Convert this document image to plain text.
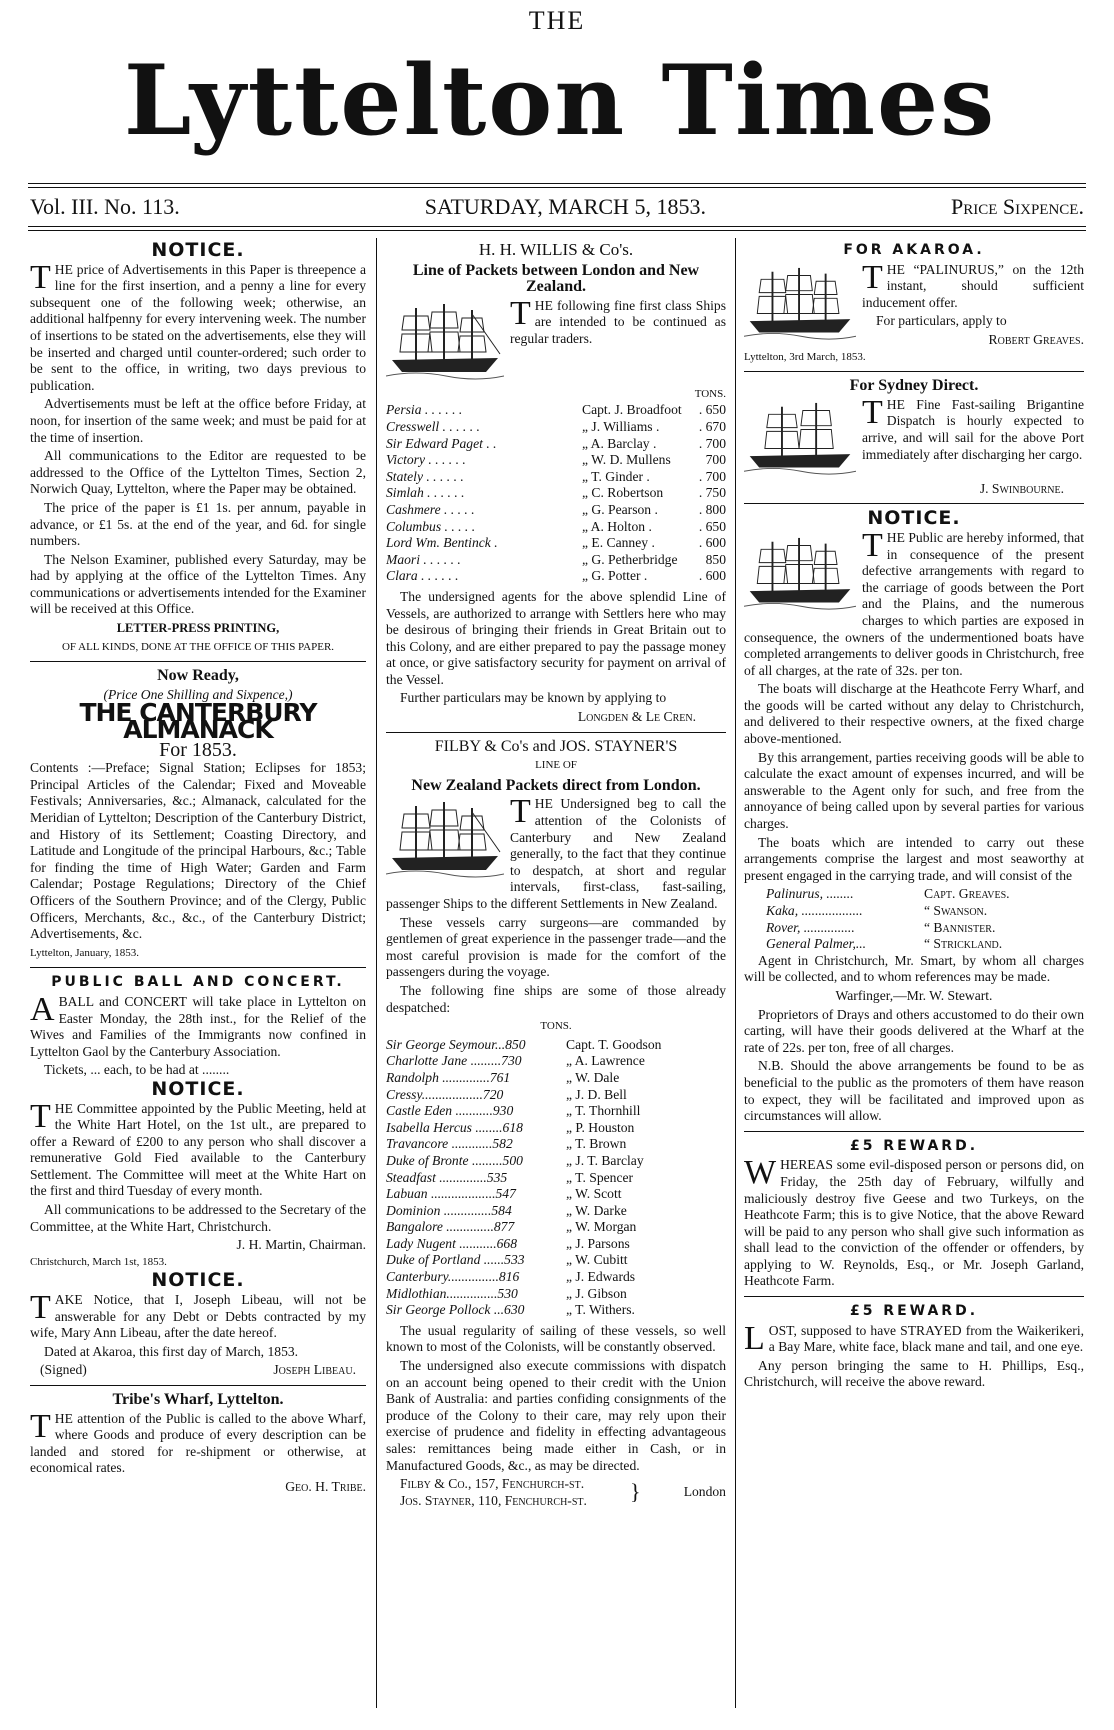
THE
Lyttelton Times
Vol. III. No. 113.	SATURDAY, MARCH 5, 1853.	Price Sixpence.
NOTICE.

THE price of Advertisements in this Paper is threepence a line for the first insertion, and a penny a line for every subsequent one of the following week; otherwise, an additional halfpenny for every intervening week. The number of insertions to be stated on the advertisements, else they will be inserted and charged until counter-ordered; such order to be sent to the office, in writing, two days previous to publication.

Advertisements must be left at the office before Friday, at noon, for insertion of the same week; and must be paid for at the time of insertion.

All communications to the Editor are requested to be addressed to the Office of the Lyttelton Times, Section 2, Norwich Quay, Lyttelton, where the Paper may be obtained.

The price of the paper is £1 1s. per annum, payable in advance, or £1 5s. at the end of the year, and 6d. for single numbers.

The Nelson Examiner, published every Saturday, may be had by applying at the office of the Lyttelton Times. Any communications or advertisements intended for the Examiner will be received at this Office.

LETTER-PRESS PRINTING,
OF ALL KINDS, DONE AT THE OFFICE OF THIS PAPER.
Now Ready,
(Price One Shilling and Sixpence,)
THE CANTERBURY ALMANACK
For 1853.

Contents :—Preface; Signal Station; Eclipses for 1853; Principal Articles of the Calendar; Fixed and Moveable Festivals; Anniversaries, &c.; Almanack, calculated for the Meridian of Lyttelton; Description of the Canterbury District, and History of its Settlement; Coasting Directory, and Latitude and Longitude of the principal Harbours, &c.; Table for finding the time of High Water; Garden and Farm Calendar; Postage Regulations; Directory of the Chief Officers of the Southern Province; and of the Clergy, Public Officers, Merchants, &c., &c., of the Canterbury District; Advertisements, &c.

Lyttelton, January, 1853.
PUBLIC BALL AND CONCERT.

ABALL and CONCERT will take place in Lyttelton on Easter Monday, the 28th inst., for the Relief of the Wives and Families of the Immigrants now confined in Lyttelton Gaol by the Canterbury Association.

Tickets, ... each, to be had at ........

NOTICE.

THE Committee appointed by the Public Meeting, held at the White Hart Hotel, on the 1st ult., are prepared to offer a Reward of £200 to any person who shall discover a remunerative Gold Fied available to the Canterbury Settlement. The Committee will meet at the White Hart on the first and third Tuesday of every month.

All communications to be addressed to the Secretary of the Committee, at the White Hart, Christchurch.

J. H. Martin, Chairman.
Christchurch, March 1st, 1853.
NOTICE.

TAKE Notice, that I, Joseph Libeau, will not be answerable for any Debt or Debts contracted by my wife, Mary Ann Libeau, after the date hereof.

Dated at Akaroa, this first day of March, 1853.

(Signed)	Joseph Libeau.
Tribe's Wharf, Lyttelton.

THE attention of the Public is called to the above Wharf, where Goods and produce of every description can be landed and stored for re-shipment or otherwise, at economical rates.

Geo. H. Tribe.
H. H. WILLIS & Co's.
Line of Packets between London and New Zealand.

THE following fine first class Ships are intended to be continued as regular traders.

TONS.
Persia . . . . . .	Capt. J. Broadfoot	. 650
Cresswell . . . . . .	„ J. Williams .	. 670
Sir Edward Paget . .	„ A. Barclay .	. 700
Victory . . . . . .	„ W. D. Mullens	700
Stately . . . . . .	„ T. Ginder .	. 700
Simlah . . . . . .	„ C. Robertson	. 750
Cashmere . . . . .	„ G. Pearson .	. 800
Columbus . . . . .	„ A. Holton .	. 650
Lord Wm. Bentinck .	„ E. Canney .	. 600
Maori . . . . . .	„ G. Petherbridge	850
Clara . . . . . .	„ G. Potter .	. 600

The undersigned agents for the above splendid Line of Vessels, are authorized to arrange with Settlers here who may be desirous of bringing their friends in Great Britain out to this Colony, and are either prepared to pay the passage money at once, or give satisfactory security for payment on arrival of the Vessel.

Further particulars may be known by applying to

Longden & Le Cren.
FILBY & Co's and JOS. STAYNER'S
LINE OF
New Zealand Packets direct from London.

THE Undersigned beg to call the attention of the Colonists of Canterbury and New Zealand generally, to the fact that they continue to despatch, at short and regular intervals, first-class, fast-sailing, passenger Ships to the different Settlements in New Zealand.

These vessels carry surgeons—are commanded by gentlemen of great experience in the passenger trade—and the most careful provision is made for the comfort of the passengers during the voyage.

The following fine ships are some of those already despatched:

TONS.
Sir George Seymour...850	Capt. T. Goodson
Charlotte Jane .........730	„ A. Lawrence
Randolph ..............761	„ W. Dale
Cressy..................720	„ J. D. Bell
Castle Eden ...........930	„ T. Thornhill
Isabella Hercus ........618	„ P. Houston
Travancore ............582	„ T. Brown
Duke of Bronte .........500	„ J. T. Barclay
Steadfast ..............535	„ T. Spencer
Labuan ...................547	„ W. Scott
Dominion ..............584	„ W. Darke
Bangalore ..............877	„ W. Morgan
Lady Nugent ...........668	„ J. Parsons
Duke of Portland ......533	„ W. Cubitt
Canterbury...............816	„ J. Edwards
Midlothian...............530	„ J. Gibson
Sir George Pollock ...630	„ T. Withers.

The usual regularity of sailing of these vessels, so well known to most of the Colonists, will be constantly observed.

The undersigned also execute commissions with dispatch on an account being opened to their credit with the Union Bank of Australia: and parties confiding consignments of the produce of the Colony to their care, may rely upon their exercise of prudence and fidelity in effecting advantageous sales: remittances being made either in Cash, or in Manufactured Goods, &c., as may be directed.

Filby & Co., 157, Fenchurch-st.
Jos. Stayner, 110, Fenchurch-st. }	London
FOR AKAROA.

THE “PALINURUS,” on the 12th instant, should sufficient inducement offer.

For particulars, apply to

Robert Greaves.
Lyttelton, 3rd March, 1853.
For Sydney Direct.

THE Fine Fast-sailing Brigantine Dispatch is hourly expected to arrive, and will sail for the above Port immediately after discharging her cargo.

J. Swinbourne.
NOTICE.

THE Public are hereby informed, that in consequence of the present defective arrangements with regard to the carriage of goods between the Port and the Plains, and the numerous charges to which parties are exposed in consequence, the owners of the undermentioned boats have completed arrangements to deliver goods in Christchurch, free of all charges, at the rate of 32s. per ton.

The boats will discharge at the Heathcote Ferry Wharf, and the goods will be carted without any delay to Christchurch, and delivered to their respective owners, at the fixed charge above-mentioned.

By this arrangement, parties receiving goods will be able to calculate the exact amount of expenses incurred, and will be answerable to the Agent only for such, and free from the annoyance of being called upon by several parties for various charges.

The boats which are intended to carry out these arrangements comprise the largest and most seaworthy at present engaged in the carrying trade, and will consist of the

Palinurus, ........	Capt. Greaves.
Kaka, ..................	“ Swanson.
Rover, ...............	“ Bannister.
General Palmer,...	“ Strickland.

Agent in Christchurch, Mr. Smart, by whom all charges will be collected, and to whom references may be made.

Warfinger,—Mr. W. Stewart.

Proprietors of Drays and others accustomed to do their own carting, will have their goods delivered at the Wharf at the rate of 22s. per ton, free of all charges.

N.B. Should the above arrangements be found to be as beneficial to the public as the promoters of them have reason to expect, they will be facilitated and improved upon as circumstances will allow.

£5 REWARD.

WHEREAS some evil-disposed person or persons did, on Friday, the 25th day of February, wilfully and maliciously destroy five Geese and two Turkeys, on the Heathcote Farm; this is to give Notice, that the above Reward will be paid to any person who shall give such information as shall lead to the conviction of the offender or offenders, by applying to W. Reynolds, Esq., or Mr. Joseph Garland, Heathcote Farm.

£5 REWARD.

LOST, supposed to have STRAYED from the Waikerikeri, a Bay Mare, white face, black mane and tail, and one eye.

Any person bringing the same to H. Phillips, Esq., Christchurch, will receive the above reward.
